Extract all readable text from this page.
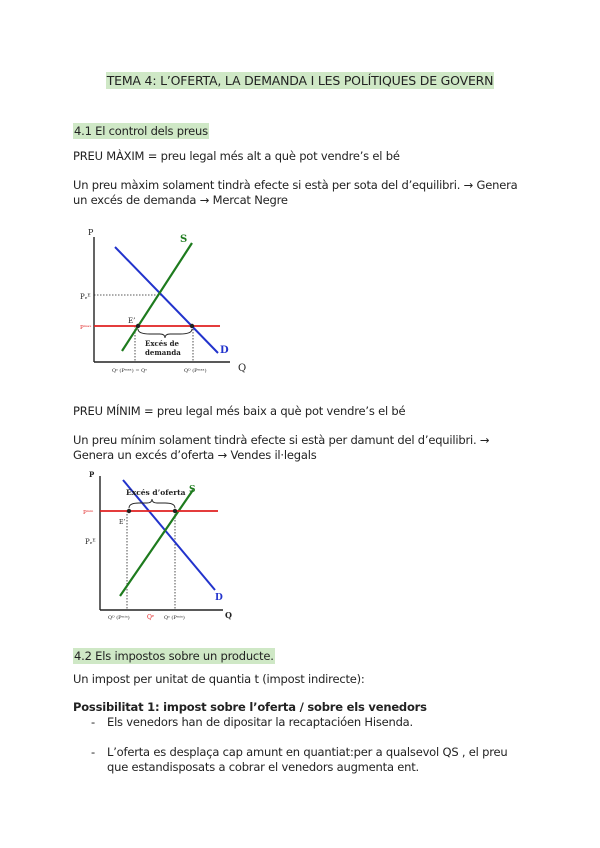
TEMA 4: L’OFERTA, LA DEMANDA I LES POLÍTIQUES DE GOVERN
4.1 El control dels preus
PREU MÀXIM = preu legal més alt a què pot vendre’s el bé
Un preu màxim solament tindrà efecte si està per sota del d’equilibri. → Genera
un excés de demanda → Mercat Negre
P
Q
S
D
Pₑᴱ
Pᵐᵃˣ
E’
Excés de
demanda
Qˢ (Pᵐᵃˣ) = Qᵉ	Qᴰ (Pᵐᵃˣ)
PREU MÍNIM = preu legal més baix a què pot vendre’s el bé
Un preu mínim solament tindrà efecte si està per damunt del d’equilibri. →
Genera un excés d’oferta → Vendes il·legals
P
Q
Excés d’oferta S
D
Pᵐⁱⁿ
Pₑᴱ
E’
Qᴰ (Pᵐⁱⁿ)	Qᵉ Qˢ (Pᵐⁱⁿ)
4.2 Els impostos sobre un producte.
Un impost per unitat de quantia t (impost indirecte):
Possibilitat 1: impost sobre l’oferta / sobre els venedors
- Els venedors han de dipositar la recaptacióen Hisenda.
- L’oferta es desplaça cap amunt en quantiat:per a qualsevol QS , el preu
que estandisposats a cobrar el venedors augmenta ent.
